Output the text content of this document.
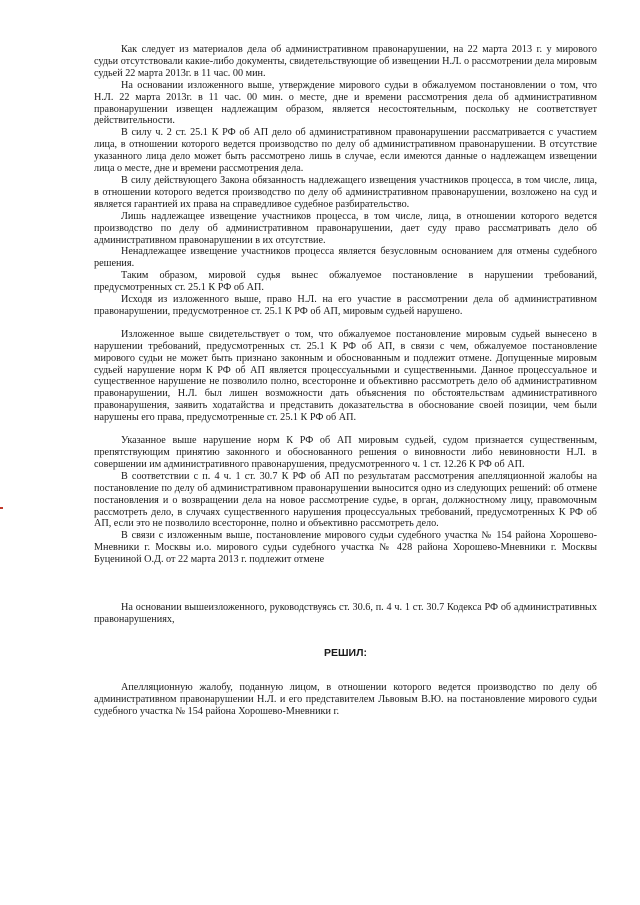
Как следует из материалов дела об административном правонарушении, на 22 марта 2013 г. у мирового судьи отсутствовали какие-либо документы, свидетельствующие об извещении Н.Л. о рассмотрении дела мировым судьей 22 марта 2013г. в 11 час. 00 мин.

На основании изложенного выше, утверждение мирового судьи в обжалуемом постановлении о том, что Н.Л. 22 марта 2013г. в 11 час. 00 мин. о месте, дне и времени рассмотрения дела об административном правонарушении извещен надлежащим образом, является несостоятельным, поскольку не соответствует действительности.

В силу ч. 2 ст. 25.1 К РФ об АП дело об административном правонарушении рассматривается с участием лица, в отношении которого ведется производство по делу об административном правонарушении. В отсутствие указанного лица дело может быть рассмотрено лишь в случае, если имеются данные о надлежащем извещении лица о месте, дне и времени рассмотрения дела.

В силу действующего Закона обязанность надлежащего извещения участников процесса, в том числе, лица, в отношении которого ведется производство по делу об административном правонарушении, возложено на суд и является гарантией их права на справедливое судебное разбирательство.

Лишь надлежащее извещение участников процесса, в том числе, лица, в отношении которого ведется производство по делу об административном правонарушении, дает суду право рассматривать дело об административном правонарушении в их отсутствие.

Ненадлежащее извещение участников процесса является безусловным основанием для отмены судебного решения.

Таким образом, мировой судья вынес обжалуемое постановление в нарушении требований, предусмотренных ст. 25.1 К РФ об АП.

Исходя из изложенного выше, право Н.Л. на его участие в рассмотрении дела об административном правонарушении, предусмотренное ст. 25.1 К РФ об АП, мировым судьей нарушено.

Изложенное выше свидетельствует о том, что обжалуемое постановление мировым судьей вынесено в нарушении требований, предусмотренных ст. 25.1 К РФ об АП, в связи с чем, обжалуемое постановление мирового судьи не может быть признано законным и обоснованным и подлежит отмене. Допущенные мировым судьей нарушение норм К РФ об АП является процессуальными и существенными. Данное процессуальное и существенное нарушение не позволило полно, всесторонне и объективно рассмотреть дело об административном правонарушении, Н.Л. был лишен возможности дать объяснения по обстоятельствам административного правонарушения, заявить ходатайства и представить доказательства в обоснование своей позиции, чем были нарушены его права, предусмотренные ст. 25.1 К РФ об АП.

Указанное выше нарушение норм К РФ об АП мировым судьей, судом признается существенным, препятствующим принятию законного и обоснованного решения о виновности либо невиновности Н.Л. в совершении им административного правонарушения, предусмотренного ч. 1 ст. 12.26 К РФ об АП.

В соответствии с п. 4 ч. 1 ст. 30.7 К РФ об АП по результатам рассмотрения апелляционной жалобы на постановление по делу об административном правонарушении выносится одно из следующих решений: об отмене постановления и о возвращении дела на новое рассмотрение судье, в орган, должностному лицу, правомочным рассмотреть дело, в случаях существенного нарушения процессуальных требований, предусмотренных К РФ об АП, если это не позволило всесторонне, полно и объективно рассмотреть дело.

В связи с изложенным выше, постановление мирового судьи судебного участка № 154 района Хорошево-Мневники г. Москвы и.о. мирового судьи судебного участка № 428 района Хорошево-Мневники г. Москвы Буцениной О.Д. от 22 марта 2013 г. подлежит отмене

На основании вышеизложенного, руководствуясь ст. 30.6, п. 4 ч. 1 ст. 30.7 Кодекса РФ об административных правонарушениях,

РЕШИЛ:

Апелляционную жалобу, поданную лицом, в отношении которого ведется производство по делу об административном правонарушении Н.Л. и его представителем Львовым В.Ю. на постановление мирового судьи судебного участка № 154 района Хорошево-Мневники г.
